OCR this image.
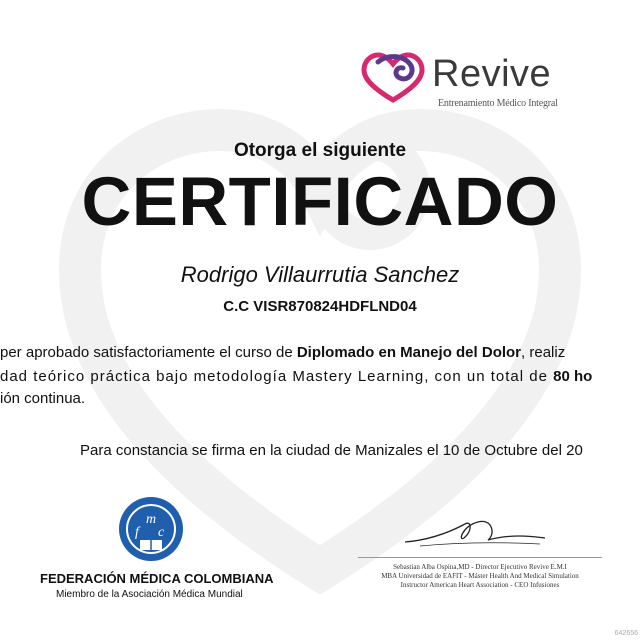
Revive
Entrenamiento Médico Integral
Otorga el siguiente
CERTIFICADO
Rodrigo Villaurrutia Sanchez
C.C VISR870824HDFLND04
per aprobado satisfactoriamente el curso de Diplomado en Manejo del Dolor, realiz
dad teórico práctica bajo metodología Mastery Learning, con un total de 80 ho
ión continua.
Para constancia se firma en la ciudad de Manizales el 10 de Octubre del 20
f
m
c
FEDERACIÓN MÉDICA COLOMBIANA
Miembro de la Asociación Médica Mundial
Sebastian Alba Ospina,MD - Director Ejecutivo Revive E.M.I
MBA Universidad de EAFIT - Máster Health And Medical Simulation
Instructor American Heart Association - CEO Infusiones
642656
